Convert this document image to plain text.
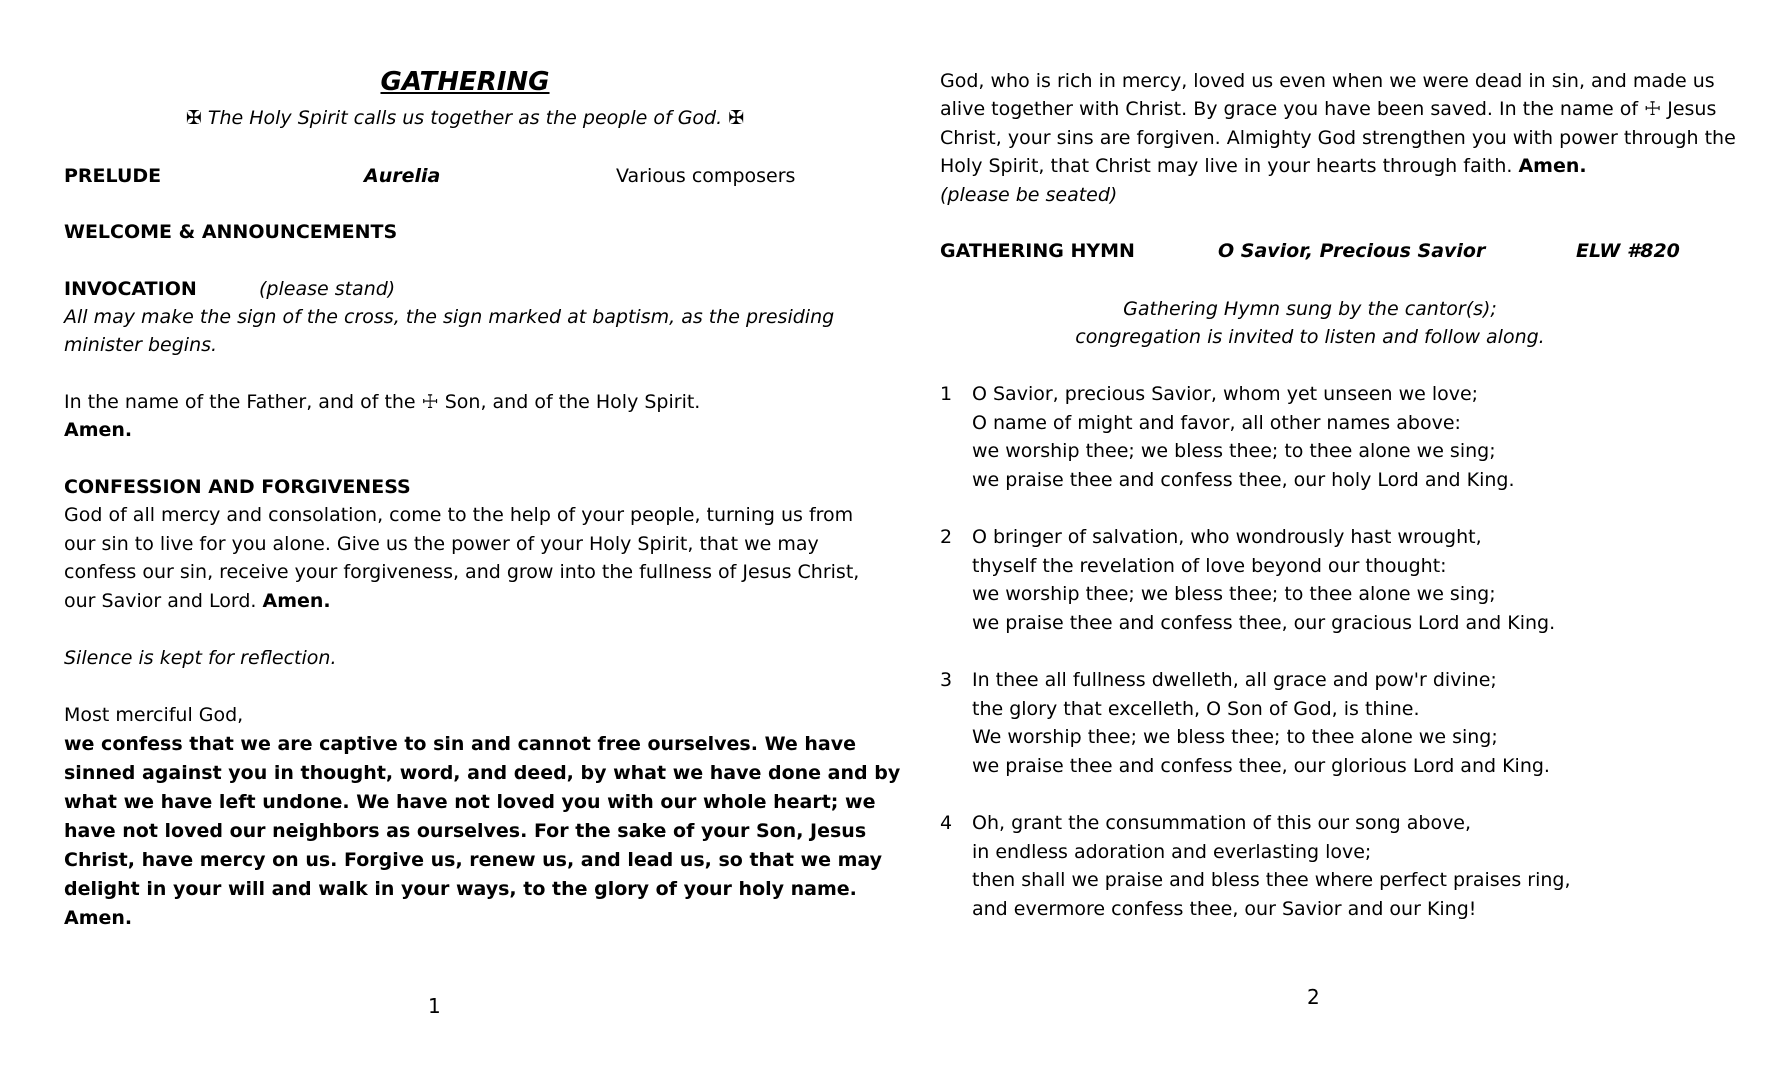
GATHERING
✠ The Holy Spirit calls us together as the people of God. ✠
PRELUDE	Aurelia	Various composers
WELCOME & ANNOUNCEMENTS
INVOCATION	(please stand)
All may make the sign of the cross, the sign marked at baptism, as the presiding
minister begins.
In the name of the Father, and of the ☩ Son, and of the Holy Spirit.
Amen.
CONFESSION AND FORGIVENESS
God of all mercy and consolation, come to the help of your people, turning us from
our sin to live for you alone. Give us the power of your Holy Spirit, that we may
confess our sin, receive your forgiveness, and grow into the fullness of Jesus Christ,
our Savior and Lord. Amen.
Silence is kept for reflection.
Most merciful God,
we confess that we are captive to sin and cannot free ourselves. We have
sinned against you in thought, word, and deed, by what we have done and by
what we have left undone. We have not loved you with our whole heart; we
have not loved our neighbors as ourselves. For the sake of your Son, Jesus
Christ, have mercy on us. Forgive us, renew us, and lead us, so that we may
delight in your will and walk in your ways, to the glory of your holy name.
Amen.
1
God, who is rich in mercy, loved us even when we were dead in sin, and made us
alive together with Christ. By grace you have been saved. In the name of ☩ Jesus
Christ, your sins are forgiven. Almighty God strengthen you with power through the
Holy Spirit, that Christ may live in your hearts through faith. Amen.
(please be seated)
GATHERING HYMN	O Savior, Precious Savior	ELW #820
Gathering Hymn sung by the cantor(s);
congregation is invited to listen and follow along.
1 O Savior, precious Savior, whom yet unseen we love;
O name of might and favor, all other names above:
we worship thee; we bless thee; to thee alone we sing;
we praise thee and confess thee, our holy Lord and King.
2 O bringer of salvation, who wondrously hast wrought,
thyself the revelation of love beyond our thought:
we worship thee; we bless thee; to thee alone we sing;
we praise thee and confess thee, our gracious Lord and King.
3 In thee all fullness dwelleth, all grace and pow'r divine;
the glory that excelleth, O Son of God, is thine.
We worship thee; we bless thee; to thee alone we sing;
we praise thee and confess thee, our glorious Lord and King.
4 Oh, grant the consummation of this our song above,
in endless adoration and everlasting love;
then shall we praise and bless thee where perfect praises ring,
and evermore confess thee, our Savior and our King!
2
